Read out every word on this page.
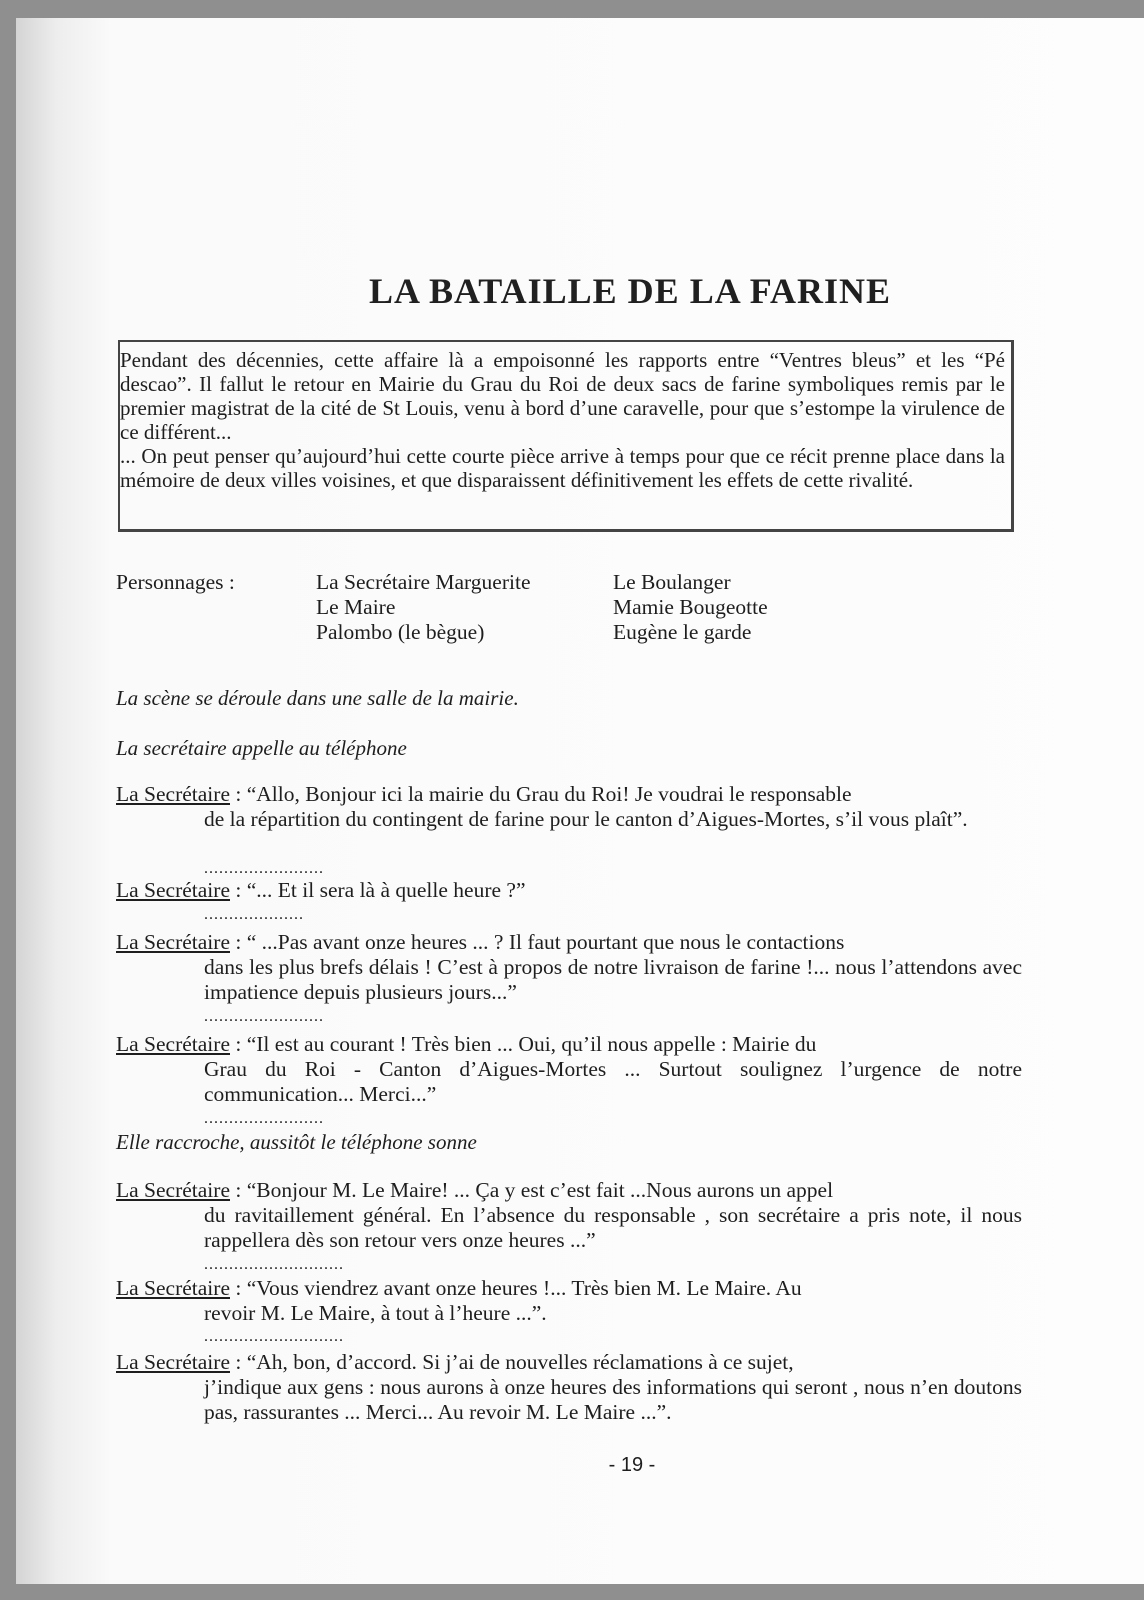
LA BATAILLE DE LA FARINE

Pendant des décennies, cette affaire là a empoisonné les rapports entre “Ventres bleus” et les “Pé descao”. Il fallut le retour en Mairie du Grau du Roi de deux sacs de farine symboliques remis par le premier magistrat de la cité de St Louis, venu à bord d’une caravelle, pour que s’estompe la virulence de ce différent...

... On peut penser qu’aujourd’hui cette courte pièce arrive à temps pour que ce récit prenne place dans la mémoire de deux villes voisines, et que disparaissent définitivement les effets de cette rivalité.

Personnages :	La Secrétaire Marguerite
Le Maire
Palombo (le bègue)
Le Boulanger
Mamie Bougeotte
Eugène le garde

La scène se déroule dans une salle de la mairie.

La secrétaire appelle au téléphone

La Secrétaire : “Allo, Bonjour ici la mairie du Grau du Roi! Je voudrai le responsable
de la répartition du contingent de farine pour le canton d’Aigues-Mortes, s’il vous plaît”.

........................

La Secrétaire : “... Et il sera là à quelle heure ?”

....................

La Secrétaire : “ ...Pas avant onze heures ... ? Il faut pourtant que nous le contactions
dans les plus brefs délais ! C’est à propos de notre livraison de farine !... nous l’attendons avec impatience depuis plusieurs jours...”

........................

La Secrétaire : “Il est au courant ! Très bien ... Oui, qu’il nous appelle : Mairie du
Grau du Roi - Canton d’Aigues-Mortes ... Surtout soulignez l’urgence de notre communication... Merci...”

........................

Elle raccroche, aussitôt le téléphone sonne

La Secrétaire : “Bonjour M. Le Maire! ... Ça y est c’est fait ...Nous aurons un appel
du ravitaillement général. En l’absence du responsable , son secrétaire a pris note, il nous rappellera dès son retour vers onze heures ...”

............................

La Secrétaire : “Vous viendrez avant onze heures !... Très bien M. Le Maire. Au
revoir M. Le Maire, à tout à l’heure ...”.

............................

La Secrétaire : “Ah, bon, d’accord. Si j’ai de nouvelles réclamations à ce sujet,
j’indique aux gens : nous aurons à onze heures des informations qui seront , nous n’en doutons pas, rassurantes ... Merci... Au revoir M. Le Maire ...”.

- 19 -
